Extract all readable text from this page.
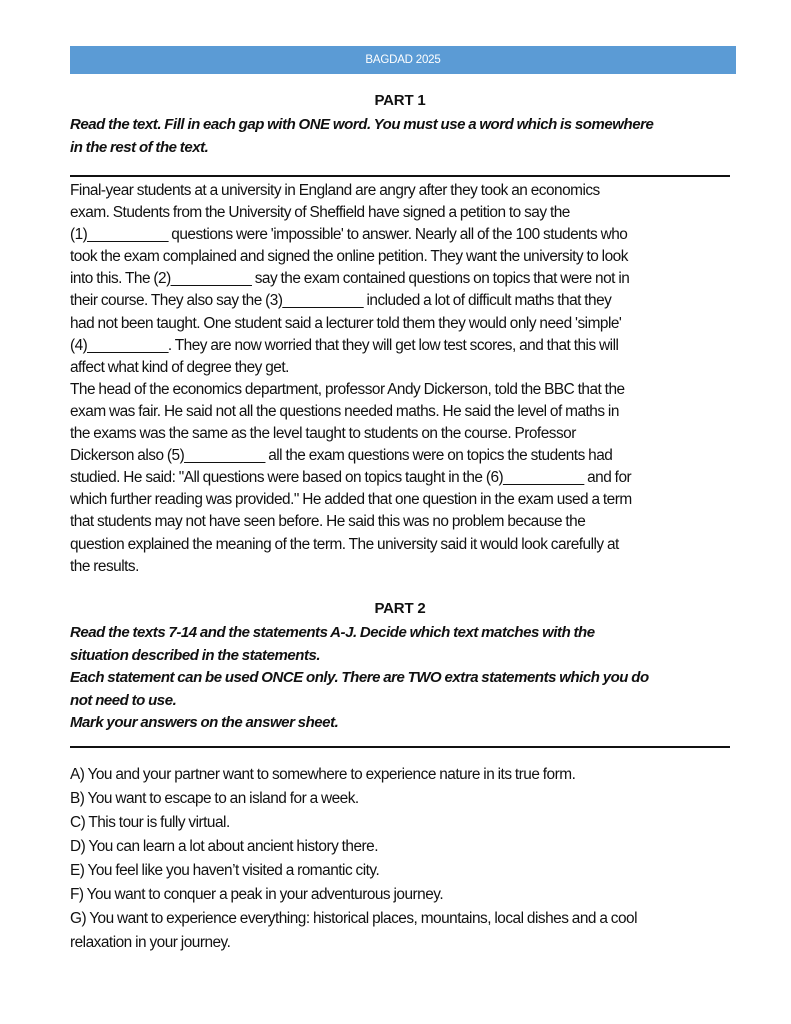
BAGDAD 2025
PART 1
Read the text. Fill in each gap with ONE word. You must use a word which is somewhere
in the rest of the text.
Final-year students at a university in England are angry after they took an economics
exam. Students from the University of Sheffield have signed a petition to say the
(1)__________ questions were 'impossible' to answer. Nearly all of the 100 students who
took the exam complained and signed the online petition. They want the university to look
into this. The (2)__________ say the exam contained questions on topics that were not in
their course. They also say the (3)__________ included a lot of difficult maths that they
had not been taught. One student said a lecturer told them they would only need 'simple'
(4)__________. They are now worried that they will get low test scores, and that this will
affect what kind of degree they get.
The head of the economics department, professor Andy Dickerson, told the BBC that the
exam was fair. He said not all the questions needed maths. He said the level of maths in
the exams was the same as the level taught to students on the course. Professor
Dickerson also (5)__________ all the exam questions were on topics the students had
studied. He said: "All questions were based on topics taught in the (6)__________ and for
which further reading was provided." He added that one question in the exam used a term
that students may not have seen before. He said this was no problem because the
question explained the meaning of the term. The university said it would look carefully at
the results.
PART 2
Read the texts 7-14 and the statements A-J. Decide which text matches with the
situation described in the statements.
Each statement can be used ONCE only. There are TWO extra statements which you do
not need to use.
Mark your answers on the answer sheet.
A) You and your partner want to somewhere to experience nature in its true form.
B) You want to escape to an island for a week.
C) This tour is fully virtual.
D) You can learn a lot about ancient history there.
E) You feel like you haven’t visited a romantic city.
F) You want to conquer a peak in your adventurous journey.
G) You want to experience everything: historical places, mountains, local dishes and a cool
relaxation in your journey.
